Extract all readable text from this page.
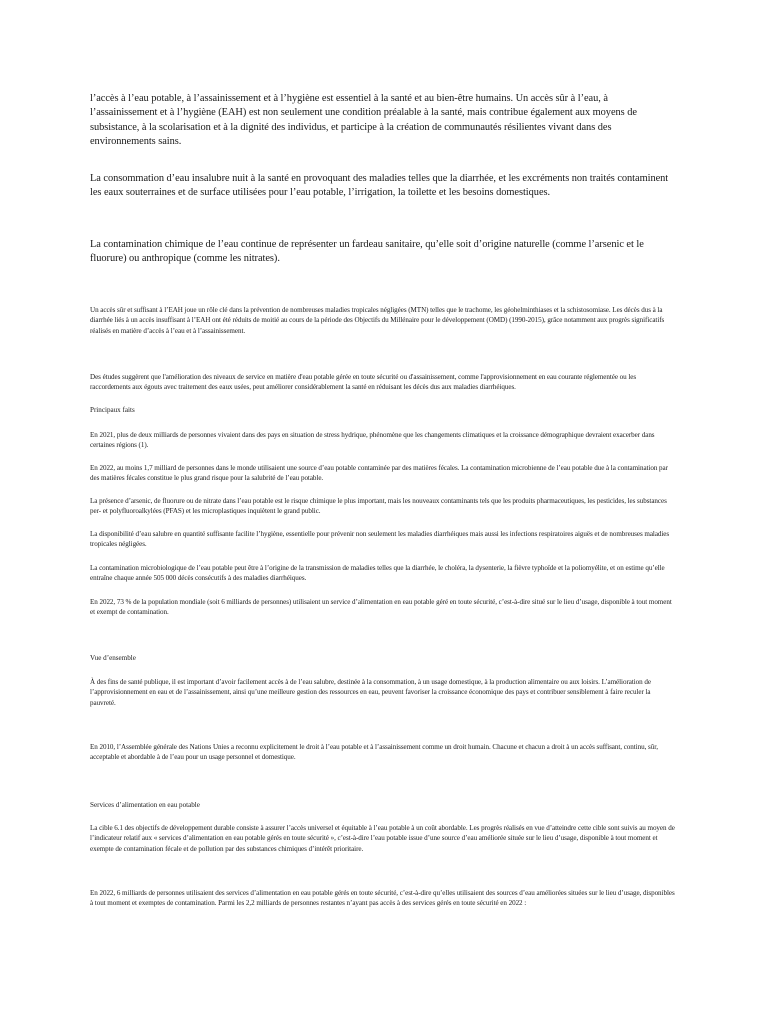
l’accès à l’eau potable, à l’assainissement et à l’hygiène est essentiel à la santé et au bien-être humains. Un accès sûr à l’eau, à l’assainissement et à l’hygiène (EAH) est non seulement une condition préalable à la santé, mais contribue également aux moyens de subsistance, à la scolarisation et à la dignité des individus, et participe à la création de communautés résilientes vivant dans des environnements sains.

La consommation d’eau insalubre nuit à la santé en provoquant des maladies telles que la diarrhée, et les excréments non traités contaminent les eaux souterraines et de surface utilisées pour l’eau potable, l’irrigation, la toilette et les besoins domestiques.

La contamination chimique de l’eau continue de représenter un fardeau sanitaire, qu’elle soit d’origine naturelle (comme l’arsenic et le fluorure) ou anthropique (comme les nitrates).

Un accès sûr et suffisant à l’EAH joue un rôle clé dans la prévention de nombreuses maladies tropicales négligées (MTN) telles que le trachome, les géohelminthiases et la schistosomiase. Les décès dus à la diarrhée liés à un accès insuffisant à l’EAH ont été réduits de moitié au cours de la période des Objectifs du Millénaire pour le développement (OMD) (1990-2015), grâce notamment aux progrès significatifs réalisés en matière d’accès à l’eau et à l’assainissement.

Des études suggèrent que l'amélioration des niveaux de service en matière d'eau potable gérée en toute sécurité ou d'assainissement, comme l'approvisionnement en eau courante réglementée ou les raccordements aux égouts avec traitement des eaux usées, peut améliorer considérablement la santé en réduisant les décès dus aux maladies diarrhéiques.

Principaux faits

En 2021, plus de deux milliards de personnes vivaient dans des pays en situation de stress hydrique, phénomène que les changements climatiques et la croissance démographique devraient exacerber dans certaines régions (1).

En 2022, au moins 1,7 milliard de personnes dans le monde utilisaient une source d’eau potable contaminée par des matières fécales. La contamination microbienne de l’eau potable due à la contamination par des matières fécales constitue le plus grand risque pour la salubrité de l’eau potable.

La présence d’arsenic, de fluorure ou de nitrate dans l’eau potable est le risque chimique le plus important, mais les nouveaux contaminants tels que les produits pharmaceutiques, les pesticides, les substances per- et polyfluoroalkylées (PFAS) et les microplastiques inquiètent le grand public.

La disponibilité d’eau salubre en quantité suffisante facilite l’hygiène, essentielle pour prévenir non seulement les maladies diarrhéiques mais aussi les infections respiratoires aiguës et de nombreuses maladies tropicales négligées.

La contamination microbiologique de l’eau potable peut être à l’origine de la transmission de maladies telles que la diarrhée, le choléra, la dysenterie, la fièvre typhoïde et la poliomyélite, et on estime qu’elle entraîne chaque année 505 000 décès consécutifs à des maladies diarrhéiques.

En 2022, 73 % de la population mondiale (soit 6 milliards de personnes) utilisaient un service d’alimentation en eau potable géré en toute sécurité, c’est-à-dire situé sur le lieu d’usage, disponible à tout moment et exempt de contamination.

Vue d’ensemble

À des fins de santé publique, il est important d’avoir facilement accès à de l’eau salubre, destinée à la consommation, à un usage domestique, à la production alimentaire ou aux loisirs. L’amélioration de l’approvisionnement en eau et de l’assainissement, ainsi qu’une meilleure gestion des ressources en eau, peuvent favoriser la croissance économique des pays et contribuer sensiblement à faire reculer la pauvreté.

En 2010, l’Assemblée générale des Nations Unies a reconnu explicitement le droit à l’eau potable et à l’assainissement comme un droit humain. Chacune et chacun a droit à un accès suffisant, continu, sûr, acceptable et abordable à de l’eau pour un usage personnel et domestique.

Services d’alimentation en eau potable

La cible 6.1 des objectifs de développement durable consiste à assurer l’accès universel et équitable à l’eau potable à un coût abordable. Les progrès réalisés en vue d’atteindre cette cible sont suivis au moyen de l’indicateur relatif aux « services d’alimentation en eau potable gérés en toute sécurité », c’est-à-dire l’eau potable issue d’une source d’eau améliorée située sur le lieu d’usage, disponible à tout moment et exempte de contamination fécale et de pollution par des substances chimiques d’intérêt prioritaire.

En 2022, 6 milliards de personnes utilisaient des services d’alimentation en eau potable gérés en toute sécurité, c’est-à-dire qu’elles utilisaient des sources d’eau améliorées situées sur le lieu d’usage, disponibles à tout moment et exemptes de contamination. Parmi les 2,2 milliards de personnes restantes n’ayant pas accès à des services gérés en toute sécurité en 2022 :
